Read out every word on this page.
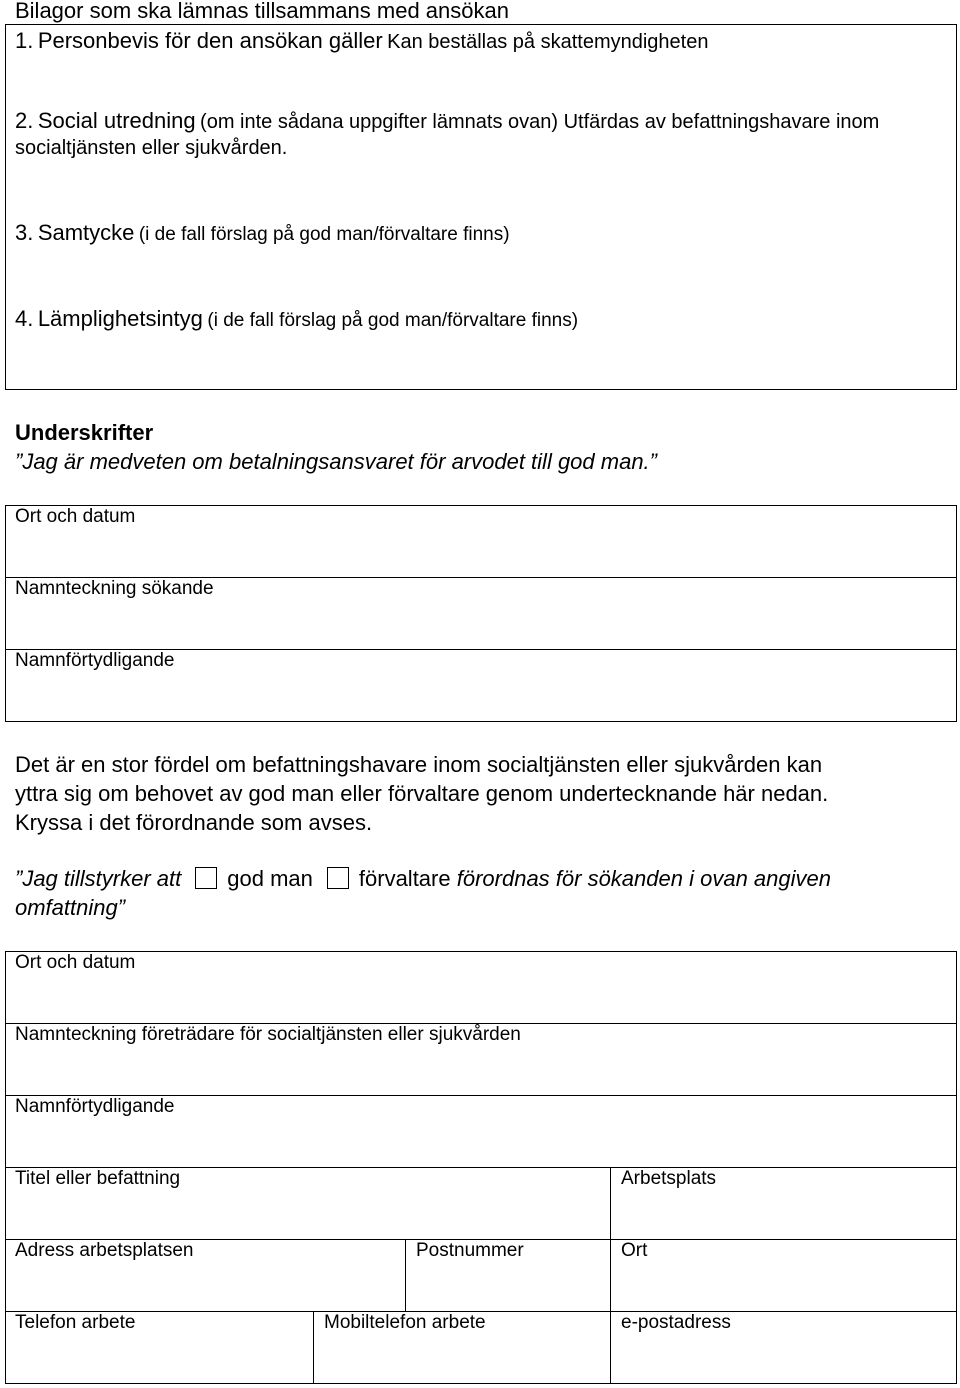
Bilagor som ska lämnas tillsammans med ansökan
1. Personbevis för den ansökan gäller Kan beställas på skattemyndigheten
2. Social utredning (om inte sådana uppgifter lämnats ovan) Utfärdas av befattningshavare inom
socialtjänsten eller sjukvården.
3. Samtycke (i de fall förslag på god man/förvaltare finns)
4. Lämplighetsintyg (i de fall förslag på god man/förvaltare finns)
Underskrifter
”Jag är medveten om betalningsansvaret för arvodet till god man.”
Ort och datum
Namnteckning sökande
Namnförtydligande
Det är en stor fördel om befattningshavare inom socialtjänsten eller sjukvården kan
yttra sig om behovet av god man eller förvaltare genom undertecknande här nedan.
Kryssa i det förordnande som avses.
”Jag tillstyrker att god man förvaltare förordnas för sökanden i ovan angiven
omfattning”
Ort och datum
Namnteckning företrädare för socialtjänsten eller sjukvården
Namnförtydligande
Titel eller befattning	Arbetsplats
Adress arbetsplatsen	Postnummer	Ort
Telefon arbete	Mobiltelefon arbete	e-postadress
